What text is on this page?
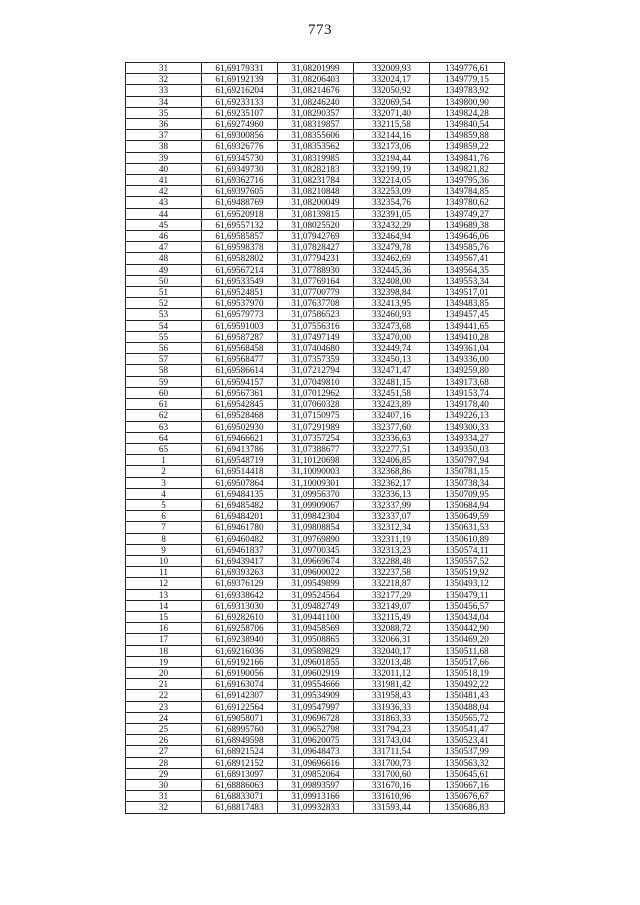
773
31	61,69179331	31,08201999	332009,93	1349776,61
32	61,69192139	31,08206403	332024,17	1349779,15
33	61,69216204	31,08214676	332050,92	1349783,92
34	61,69233133	31,08246240	332069,54	1349800,90
35	61,69235107	31,08290357	332071,40	1349824,28
36	61,69274960	31,08319857	332115,58	1349840,54
37	61,69300856	31,08355606	332144,16	1349859,88
38	61,69326776	31,08353562	332173,06	1349859,22
39	61,69345730	31,08319985	332194,44	1349841,76
40	61,69349730	31,08282183	332199,19	1349821,82
41	61,69362716	31,08231784	332214,05	1349795,36
42	61,69397605	31,08210848	332253,09	1349784,85
43	61,69488769	31,08200049	332354,76	1349780,62
44	61,69520918	31,08139815	332391,05	1349749,27
45	61,69557132	31,08025520	332432,29	1349689,38
46	61,69585857	31,07942769	332464,94	1349646,06
47	61,69598378	31,07828427	332479,78	1349585,76
48	61,69582802	31,07794231	332462,69	1349567,41
49	61,69567214	31,07788930	332445,36	1349564,35
50	61,69533549	31,07769164	332408,00	1349553,34
51	61,69524851	31,07700779	332398,84	1349517,01
52	61,69537970	31,07637708	332413,95	1349483,85
53	61,69579773	31,07586523	332460,93	1349457,45
54	61,69591003	31,07556316	332473,68	1349441,65
55	61,69587287	31,07497149	332470,00	1349410,28
56	61,69568458	31,07404680	332449,74	1349361,04
57	61,69568477	31,07357359	332450,13	1349336,00
58	61,69586614	31,07212794	332471,47	1349259,80
59	61,69594157	31,07049810	332481,15	1349173,68
60	61,69567361	31,07012962	332451,58	1349153,74
61	61,69542845	31,07060328	332423,89	1349178,40
62	61,69528468	31,07150975	332407,16	1349226,13
63	61,69502930	31,07291989	332377,60	1349300,33
64	61,69466621	31,07357254	332336,63	1349334,27
65	61,69413786	31,07388677	332277,51	1349350,03
1	61,69548719	31,10120698	332406,85	1350797,94
2	61,69514418	31,10090003	332368,86	1350781,15
3	61,69507864	31,10009301	332362,17	1350738,34
4	61,69484135	31,09956370	332336,13	1350709,95
5	61,69485482	31,09909067	332337,99	1350684,94
6	61,69484201	31,09842304	332337,07	1350649,59
7	61,69461780	31,09808854	332312,34	1350631,53
8	61,69460482	31,09769890	332311,19	1350610,89
9	61,69461837	31,09700345	332313,23	1350574,11
10	61,69439417	31,09669674	332288,48	1350557,52
11	61,69393263	31,09600022	332237,58	1350519,92
12	61,69376129	31,09549899	332218,87	1350493,12
13	61,69338642	31,09524564	332177,29	1350479,11
14	61,69313030	31,09482749	332149,07	1350456,57
15	61,69282610	31,09441100	332115,49	1350434,04
16	61,69258706	31,09458569	332088,72	1350442,90
17	61,69238940	31,09508865	332066,31	1350469,20
18	61,69216036	31,09589829	332040,17	1350511,68
19	61,69192166	31,09601855	332013,48	1350517,66
20	61,69190056	31,09602919	332011,12	1350518,19
21	61,69163074	31,09554666	331981,42	1350492,22
22	61,69142307	31,09534909	331958,43	1350481,43
23	61,69122564	31,09547997	331936,33	1350488,04
24	61,69058071	31,09696728	331863,33	1350565,72
25	61,68995760	31,09652798	331794,23	1350541,47
26	61,68949598	31,09620075	331743,04	1350523,41
27	61,68921524	31,09648473	331711,54	1350537,99
28	61,68912152	31,09696616	331700,73	1350563,32
29	61,68913097	31,09852064	331700,60	1350645,61
30	61,68886063	31,09893597	331670,16	1350667,16
31	61,68833071	31,09913166	331610,96	1350676,67
32	61,68817483	31,09932833	331593,44	1350686,83
